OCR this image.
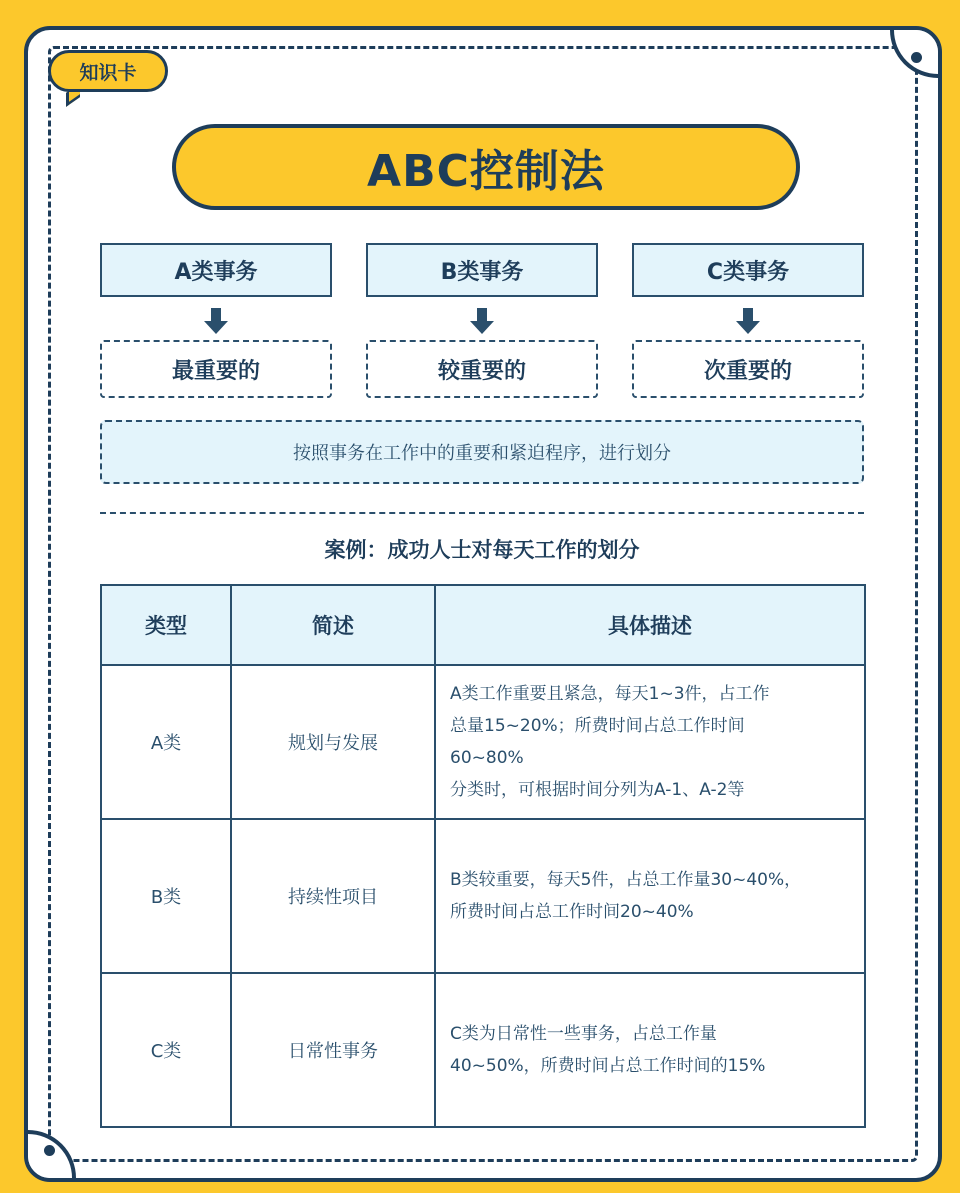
知识卡
ABC控制法
A类事务	B类事务	C类事务
最重要的	较重要的	次重要的
按照事务在工作中的重要和紧迫程序，进行划分
案例：成功人士对每天工作的划分
类型	简述	具体描述
A类	规划与发展	A类工作重要且紧急，每天1~3件，占工作
总量15~20%；所费时间占总工作时间
60~80%
分类时，可根据时间分列为A-1、A-2等

B类	持续性项目	B类较重要，每天5件，占总工作量30~40%，
所费时间占总工作时间20~40%

C类	日常性事务	C类为日常性一些事务，占总工作量
40~50%，所费时间占总工作时间的15%
